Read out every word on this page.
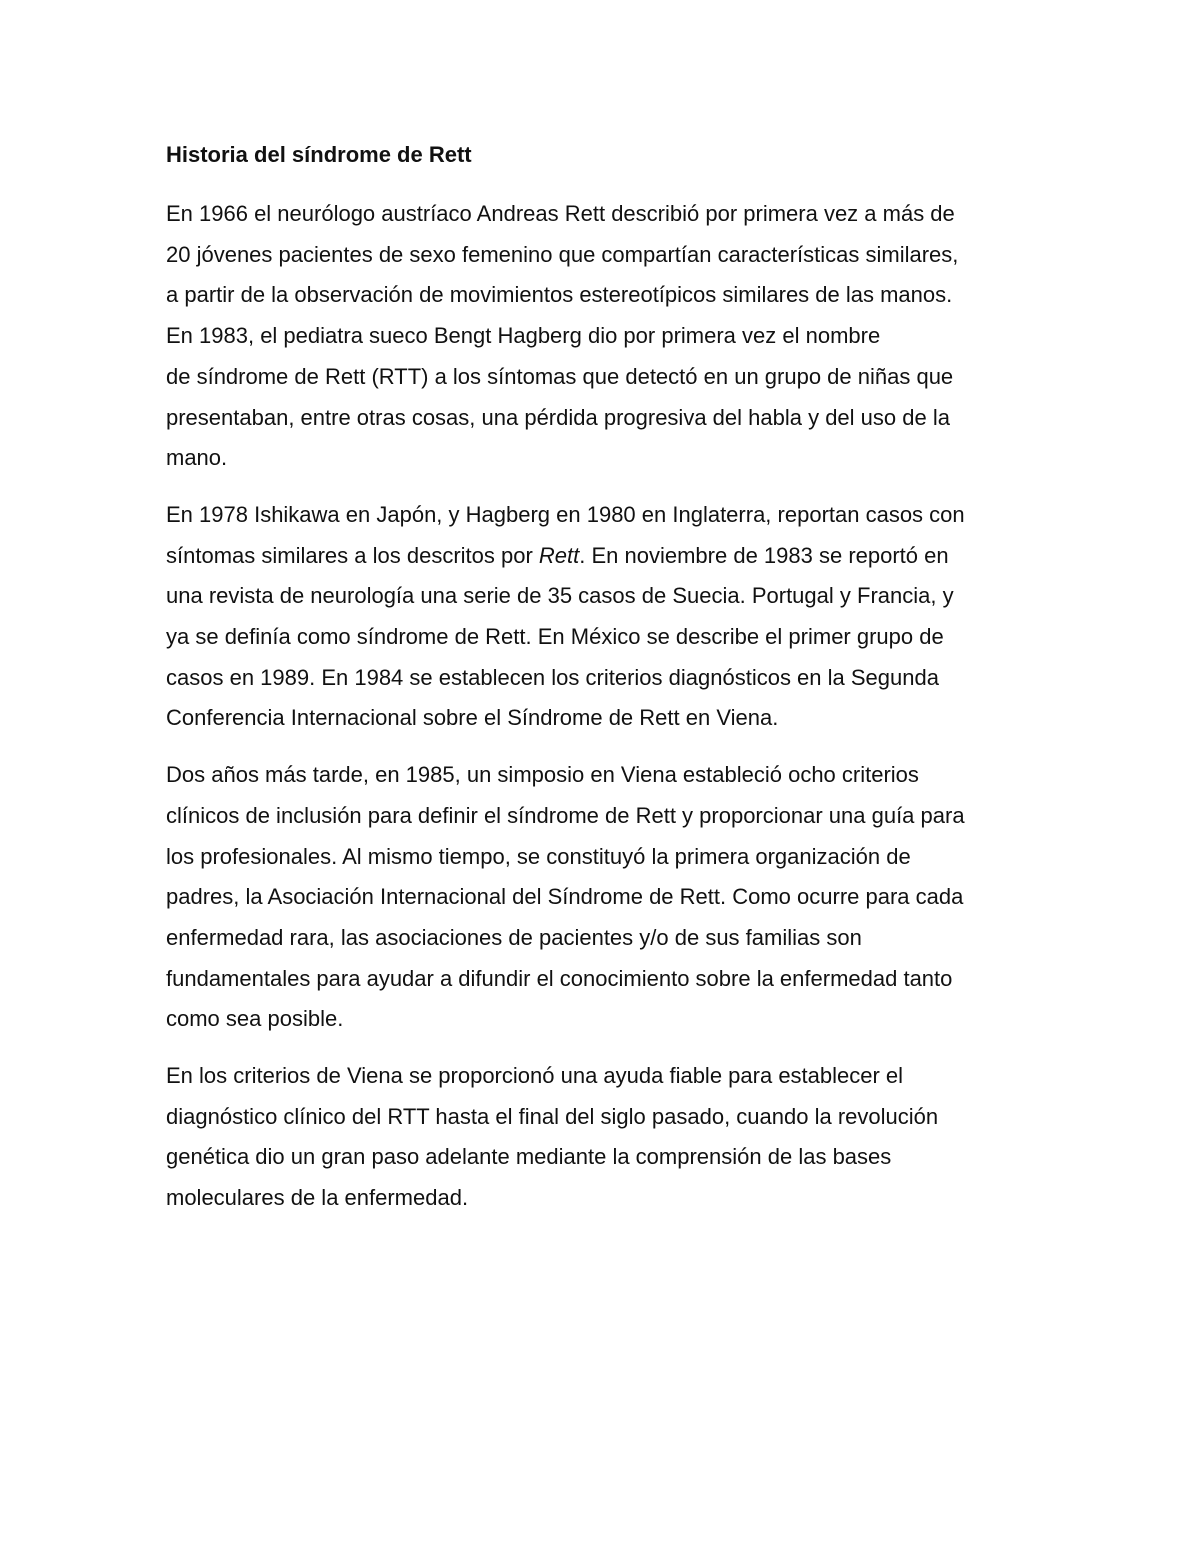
Historia del síndrome de Rett

En 1966 el neurólogo austríaco Andreas Rett describió por primera vez a más de
20 jóvenes pacientes de sexo femenino que compartían características similares,
a partir de la observación de movimientos estereotípicos similares de las manos.
En 1983, el pediatra sueco Bengt Hagberg dio por primera vez el nombre
de síndrome de Rett (RTT) a los síntomas que detectó en un grupo de niñas que
presentaban, entre otras cosas, una pérdida progresiva del habla y del uso de la
mano.

En 1978 Ishikawa en Japón, y Hagberg en 1980 en Inglaterra, reportan casos con
síntomas similares a los descritos por Rett. En noviembre de 1983 se reportó en
una revista de neurología una serie de 35 casos de Suecia. Portugal y Francia, y
ya se definía como síndrome de Rett. En México se describe el primer grupo de
casos en 1989. En 1984 se establecen los criterios diagnósticos en la Segunda
Conferencia Internacional sobre el Síndrome de Rett en Viena.

Dos años más tarde, en 1985, un simposio en Viena estableció ocho criterios
clínicos de inclusión para definir el síndrome de Rett y proporcionar una guía para
los profesionales. Al mismo tiempo, se constituyó la primera organización de
padres, la Asociación Internacional del Síndrome de Rett. Como ocurre para cada
enfermedad rara, las asociaciones de pacientes y/o de sus familias son
fundamentales para ayudar a difundir el conocimiento sobre la enfermedad tanto
como sea posible.

En los criterios de Viena se proporcionó una ayuda fiable para establecer el
diagnóstico clínico del RTT hasta el final del siglo pasado, cuando la revolución
genética dio un gran paso adelante mediante la comprensión de las bases
moleculares de la enfermedad.
